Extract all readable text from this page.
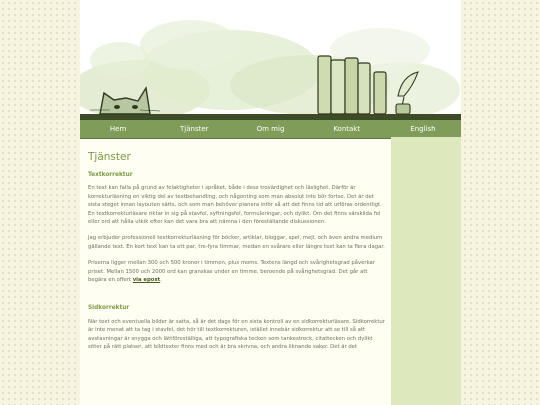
Hem	Tjänster	Om mig	Kontakt	English
Tjänster
Textkorrektur

En text kan falla på grund av felaktigheter i språket, både i dess trovärdighet och läslighet. Därför är korrekturläsning en viktig del av textbehandling, och någonting som man absolut inte bör fortse. Det är det sista steget innan layouten sätts, och som man behöver planera inför så att det finns tid att utföras ordentligt. En textkorrekturläsare riktar in sig på stavfel, syftningsfel, formuleringar, och dylikt. Om det finns särskilda fel eller ord att hålla utkik efter kan det vara bra att nämna i den föreställande diskussionen.

Jag erbjuder professionell textkorrekturläsning för böcker, artiklar, bloggar, spel, mejl, och även andra medium gällande text. En kort text kan ta ett par, tre-fyra timmar, medan en svårare eller längre text kan ta flera dagar.

Priserna ligger mellan 300 och 500 kronor i timmen, plus moms. Textens längd och svårighetsgrad påverkar priset. Mellan 1500 och 2000 ord kan granskas under en timme, beroende på svårighetsgrad. Det går att begära en offert via epost.

Sidkorrektur

När text och eventuella bilder är satta, så är det dags för en sista kontroll av en sidkorrekturläsare. Sidkorrektur är inte menat att ta tag i stavfel, det hör till textkorrekturen, istället innebär sidkorrektur att se till så att avstavningar är snygga och lättföreställiga, att typografiska tecken som tankestreck, citattecken och dylikt sitter på rätt platser, att bildtexter finns med och är bra skrivna, och andra liknande saker. Det är det
